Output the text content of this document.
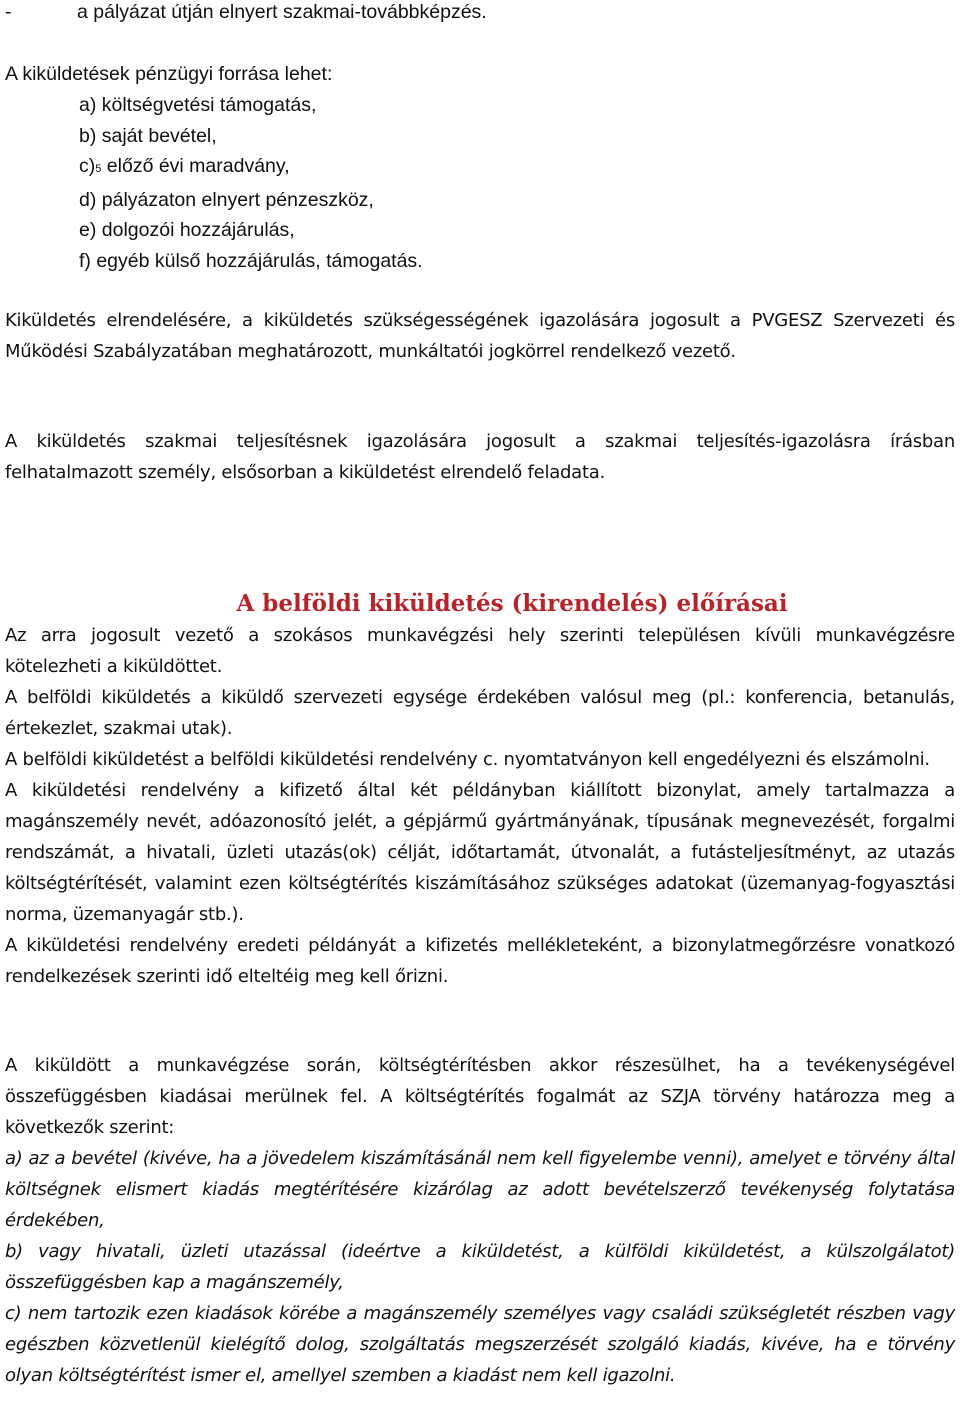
-	a pályázat útján elnyert szakmai-továbbképzés.
A kiküldetések pénzügyi forrása lehet:
a) költségvetési támogatás,
b) saját bevétel,
c)5 előző évi maradvány,
d) pályázaton elnyert pénzeszköz,
e) dolgozói hozzájárulás,
f) egyéb külső hozzájárulás, támogatás.

Kiküldetés elrendelésére, a kiküldetés szükségességének igazolására jogosult a PVGESZ Szervezeti és Működési Szabályzatában meghatározott, munkáltatói jogkörrel rendelkező vezető.

A kiküldetés szakmai teljesítésnek igazolására jogosult a szakmai teljesítés-igazolásra írásban felhatalmazott személy, elsősorban a kiküldetést elrendelő feladata.

A belföldi kiküldetés (kirendelés) előírásai

Az arra jogosult vezető a szokásos munkavégzési hely szerinti településen kívüli munkavégzésre kötelezheti a kiküldöttet.

A belföldi kiküldetés a kiküldő szervezeti egysége érdekében valósul meg (pl.: konferencia, betanulás, értekezlet, szakmai utak).

A belföldi kiküldetést a belföldi kiküldetési rendelvény c. nyomtatványon kell engedélyezni és elszámolni.

A kiküldetési rendelvény a kifizető által két példányban kiállított bizonylat, amely tartalmazza a magánszemély nevét, adóazonosító jelét, a gépjármű gyártmányának, típusának megnevezését, forgalmi rendszámát, a hivatali, üzleti utazás(ok) célját, időtartamát, útvonalát, a futásteljesítményt, az utazás költségtérítését, valamint ezen költségtérítés kiszámításához szükséges adatokat (üzemanyag-fogyasztási norma, üzemanyagár stb.).

A kiküldetési rendelvény eredeti példányát a kifizetés mellékleteként, a bizonylatmegőrzésre vonatkozó rendelkezések szerinti idő elteltéig meg kell őrizni.

A kiküldött a munkavégzése során, költségtérítésben akkor részesülhet, ha a tevékenységével összefüggésben kiadásai merülnek fel. A költségtérítés fogalmát az SZJA törvény határozza meg a következők szerint:

a) az a bevétel (kivéve, ha a jövedelem kiszámításánál nem kell figyelembe venni), amelyet e törvény által költségnek elismert kiadás megtérítésére kizárólag az adott bevételszerző tevékenység folytatása érdekében,

b) vagy hivatali, üzleti utazással (ideértve a kiküldetést, a külföldi kiküldetést, a külszolgálatot) összefüggésben kap a magánszemély,

c) nem tartozik ezen kiadások körébe a magánszemély személyes vagy családi szükségletét részben vagy egészben közvetlenül kielégítő dolog, szolgáltatás megszerzését szolgáló kiadás, kivéve, ha e törvény olyan költségtérítést ismer el, amellyel szemben a kiadást nem kell igazolni.
